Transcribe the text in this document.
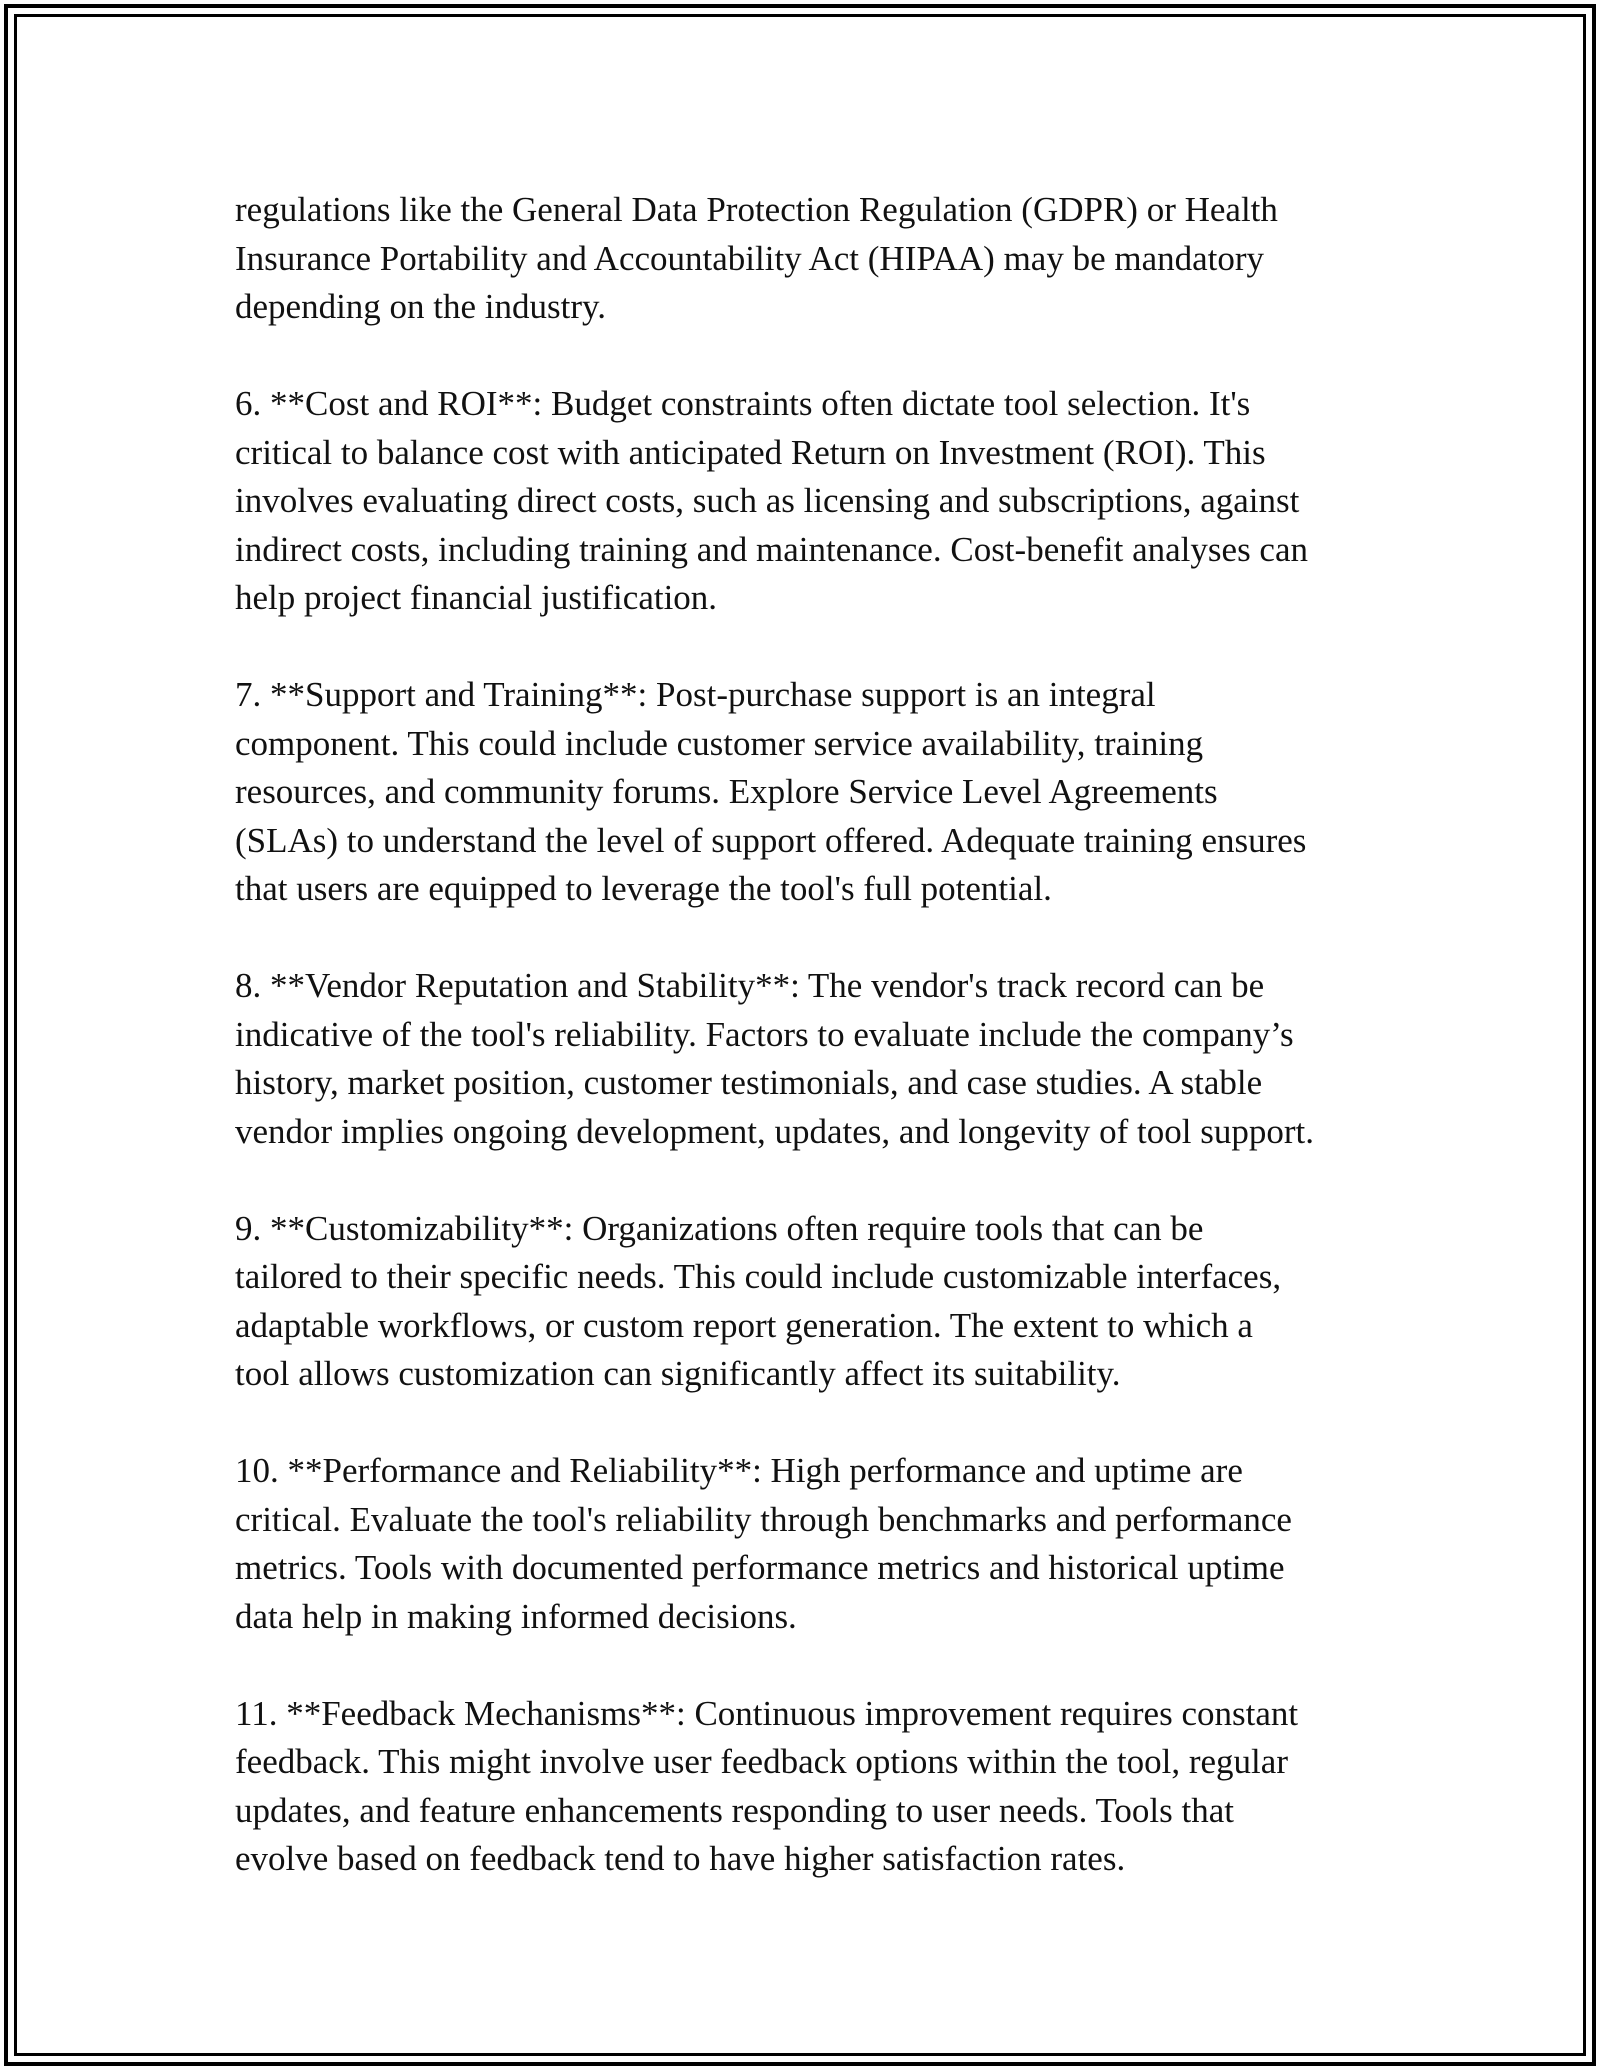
regulations like the General Data Protection Regulation (GDPR) or Health
Insurance Portability and Accountability Act (HIPAA) may be mandatory
depending on the industry.

6. **Cost and ROI**: Budget constraints often dictate tool selection. It's
critical to balance cost with anticipated Return on Investment (ROI). This
involves evaluating direct costs, such as licensing and subscriptions, against
indirect costs, including training and maintenance. Cost-benefit analyses can
help project financial justification.

7. **Support and Training**: Post-purchase support is an integral
component. This could include customer service availability, training
resources, and community forums. Explore Service Level Agreements
(SLAs) to understand the level of support offered. Adequate training ensures
that users are equipped to leverage the tool's full potential.

8. **Vendor Reputation and Stability**: The vendor's track record can be
indicative of the tool's reliability. Factors to evaluate include the company’s
history, market position, customer testimonials, and case studies. A stable
vendor implies ongoing development, updates, and longevity of tool support.

9. **Customizability**: Organizations often require tools that can be
tailored to their specific needs. This could include customizable interfaces,
adaptable workflows, or custom report generation. The extent to which a
tool allows customization can significantly affect its suitability.

10. **Performance and Reliability**: High performance and uptime are
critical. Evaluate the tool's reliability through benchmarks and performance
metrics. Tools with documented performance metrics and historical uptime
data help in making informed decisions.

11. **Feedback Mechanisms**: Continuous improvement requires constant
feedback. This might involve user feedback options within the tool, regular
updates, and feature enhancements responding to user needs. Tools that
evolve based on feedback tend to have higher satisfaction rates.
